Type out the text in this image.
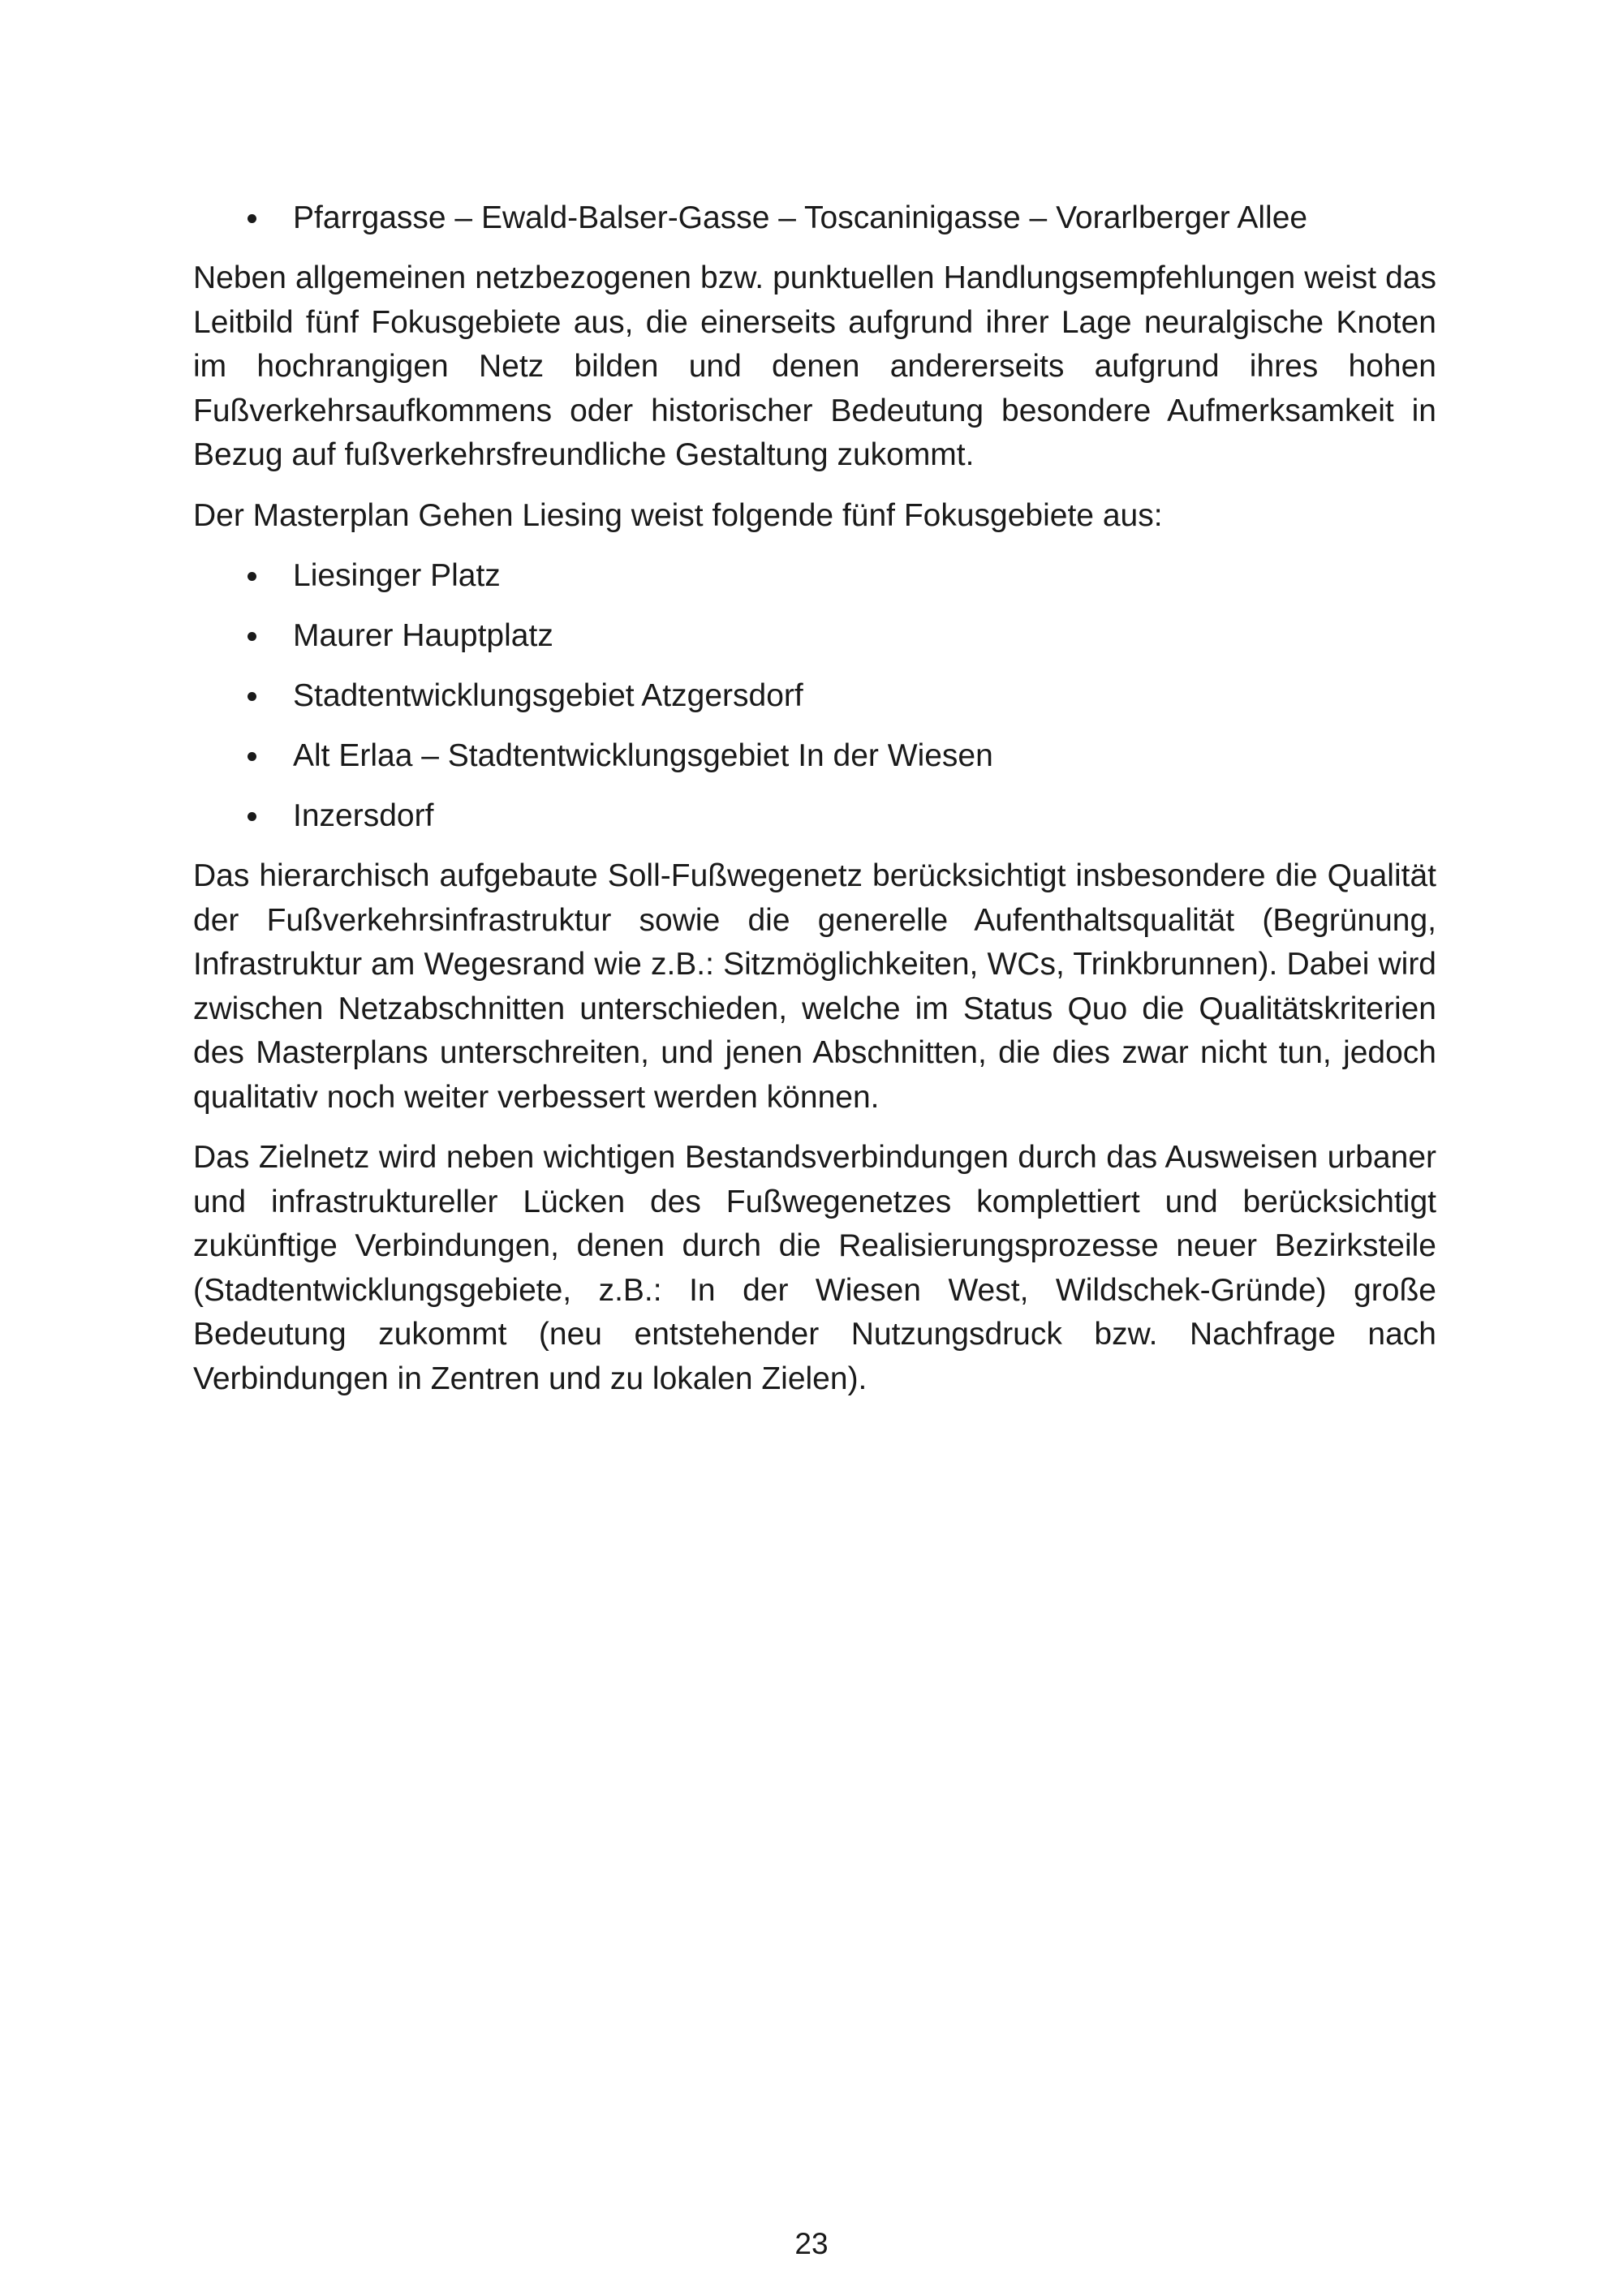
Pfarrgasse – Ewald-Balser-Gasse – Toscaninigasse – Vorarlberger Allee

Neben allgemeinen netzbezogenen bzw. punktuellen Handlungsempfehlungen weist das Leitbild fünf Fokusgebiete aus, die einerseits aufgrund ihrer Lage neuralgische Knoten im hochrangigen Netz bilden und denen andererseits aufgrund ihres hohen Fußverkehrsaufkommens oder historischer Bedeutung besondere Aufmerksamkeit in Bezug auf fußverkehrsfreundliche Gestaltung zukommt.

Der Masterplan Gehen Liesing weist folgende fünf Fokusgebiete aus:

Liesinger Platz
Maurer Hauptplatz
Stadtentwicklungsgebiet Atzgersdorf
Alt Erlaa – Stadtentwicklungsgebiet In der Wiesen
Inzersdorf

Das hierarchisch aufgebaute Soll-Fußwegenetz berücksichtigt insbesondere die Qualität der Fußverkehrsinfrastruktur sowie die generelle Aufenthaltsqualität (Begrünung, Infrastruktur am Wegesrand wie z.B.: Sitzmöglichkeiten, WCs, Trinkbrunnen). Dabei wird zwischen Netzabschnitten unterschieden, welche im Status Quo die Qualitätskriterien des Masterplans unterschreiten, und jenen Abschnitten, die dies zwar nicht tun, jedoch qualitativ noch weiter verbessert werden können.

Das Zielnetz wird neben wichtigen Bestandsverbindungen durch das Ausweisen urbaner und infrastruktureller Lücken des Fußwegenetzes komplettiert und berücksichtigt zukünftige Verbindungen, denen durch die Realisierungsprozesse neuer Bezirksteile (Stadtentwicklungsgebiete, z.B.: In der Wiesen West, Wildschek-Gründe) große Bedeutung zukommt (neu entstehender Nutzungsdruck bzw. Nachfrage nach Verbindungen in Zentren und zu lokalen Zielen).

23
